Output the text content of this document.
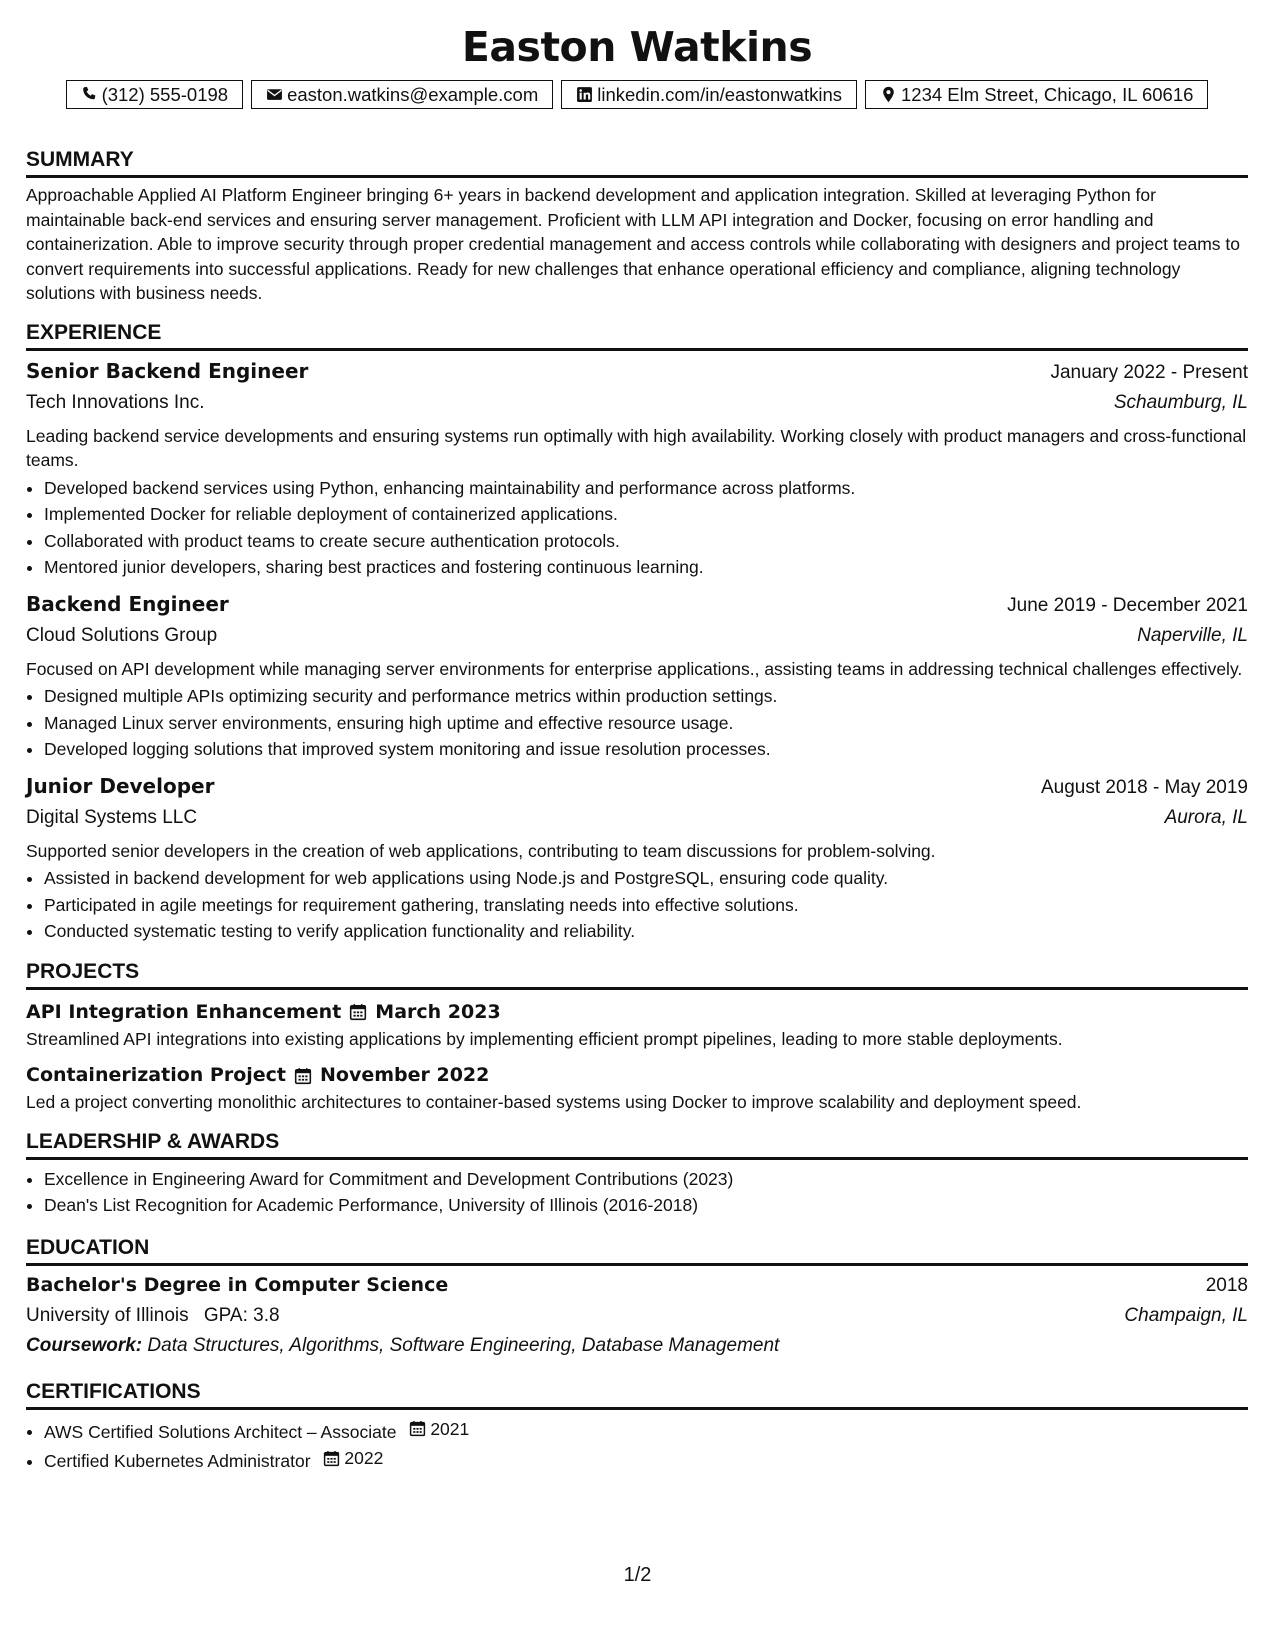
Easton Watkins
(312) 555-0198	easton.watkins@example.com	linkedin.com/in/eastonwatkins	1234 Elm Street, Chicago, IL 60616
SUMMARY

Approachable Applied AI Platform Engineer bringing 6+ years in backend development and application integration. Skilled at leveraging Python for maintainable back-end services and ensuring server management. Proficient with LLM API integration and Docker, focusing on error handling and containerization. Able to improve security through proper credential management and access controls while collaborating with designers and project teams to convert requirements into successful applications. Ready for new challenges that enhance operational efficiency and compliance, aligning technology solutions with business needs.

EXPERIENCE
Senior Backend Engineer	January 2022 - Present
Tech Innovations Inc.	Schaumburg, IL

Leading backend service developments and ensuring systems run optimally with high availability. Working closely with product managers and cross-functional teams.

• Developed backend services using Python, enhancing maintainability and performance across platforms.
• Implemented Docker for reliable deployment of containerized applications.
• Collaborated with product teams to create secure authentication protocols.
• Mentored junior developers, sharing best practices and fostering continuous learning.
Backend Engineer	June 2019 - December 2021
Cloud Solutions Group	Naperville, IL

Focused on API development while managing server environments for enterprise applications., assisting teams in addressing technical challenges effectively.

• Designed multiple APIs optimizing security and performance metrics within production settings.
• Managed Linux server environments, ensuring high uptime and effective resource usage.
• Developed logging solutions that improved system monitoring and issue resolution processes.
Junior Developer	August 2018 - May 2019
Digital Systems LLC	Aurora, IL

Supported senior developers in the creation of web applications, contributing to team discussions for problem-solving.

• Assisted in backend development for web applications using Node.js and PostgreSQL, ensuring code quality.
• Participated in agile meetings for requirement gathering, translating needs into effective solutions.
• Conducted systematic testing to verify application functionality and reliability.
PROJECTS
API Integration Enhancement March 2023

Streamlined API integrations into existing applications by implementing efficient prompt pipelines, leading to more stable deployments.

Containerization Project November 2022

Led a project converting monolithic architectures to container-based systems using Docker to improve scalability and deployment speed.

LEADERSHIP & AWARDS
• Excellence in Engineering Award for Commitment and Development Contributions (2023)
• Dean's List Recognition for Academic Performance, University of Illinois (2016-2018)
EDUCATION
Bachelor's Degree in Computer Science	2018
University of Illinois GPA: 3.8	Champaign, IL
Coursework: Data Structures, Algorithms, Software Engineering, Database Management
CERTIFICATIONS
• AWS Certified Solutions Architect – Associate 2021
• Certified Kubernetes Administrator 2022
1/2
